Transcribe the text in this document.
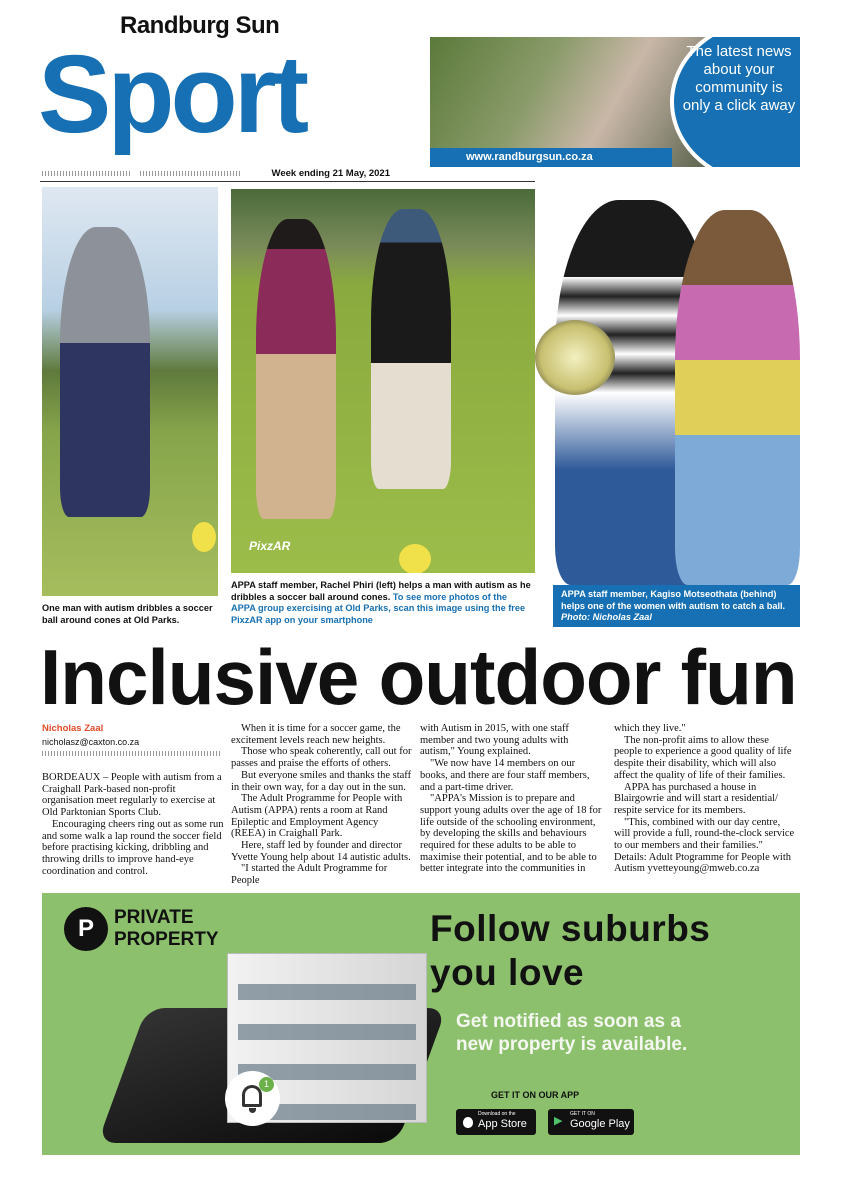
Randburg Sun
Sport
Week ending 21 May, 2021
www.randburgsun.co.za
The latest news about your community is only a click away
One man with autism dribbles a soccer ball around cones at Old Parks.
PixzAR
APPA staff member, Rachel Phiri (left) helps a man with autism as he dribbles a soccer ball around cones. To see more photos of the APPA group exercising at Old Parks, scan this image using the free PixzAR app on your smartphone
APPA staff member, Kagiso Motseothata (behind) helps one of the women with autism to catch a ball. Photo: Nicholas Zaal
Inclusive outdoor fun
Nicholas Zaal
nicholasz@caxton.co.za

BORDEAUX – People with autism from a Craighall Park-based non-profit organisation meet regularly to exercise at Old Parktonian Sports Club.

Encouraging cheers ring out as some run and some walk a lap round the soccer field before practising kicking, dribbling and throwing drills to improve hand-eye coordination and control.

When it is time for a soccer game, the excitement levels reach new heights.

Those who speak coherently, call out for passes and praise the efforts of others.

But everyone smiles and thanks the staff in their own way, for a day out in the sun.

The Adult Programme for People with Autism (APPA) rents a room at Rand Epileptic and Employment Agency (REEA) in Craighall Park.

Here, staff led by founder and director Yvette Young help about 14 autistic adults.

"I started the Adult Programme for People

with Autism in 2015, with one staff member and two young adults with autism," Young explained.

"We now have 14 members on our books, and there are four staff members, and a part-time driver.

"APPA's Mission is to prepare and support young adults over the age of 18 for life outside of the schooling environment, by developing the skills and behaviours required for these adults to be able to maximise their potential, and to be able to better integrate into the communities in

which they live."

The non-profit aims to allow these people to experience a good quality of life despite their disability, which will also affect the quality of life of their families.

APPA has purchased a house in Blairgowrie and will start a residential/ respite service for its members.

"This, combined with our day centre, will provide a full, round-the-clock service to our members and their families."

Details: Adult Ptogramme for People with Autism yvetteyoung@mweb.co.za

P	PRIVATE PROPERTY
1
Follow suburbs you love
Get notified as soon as a new property is available.
GET IT ON OUR APP
Download on the
App Store ▶
GET IT ON
Google Play
